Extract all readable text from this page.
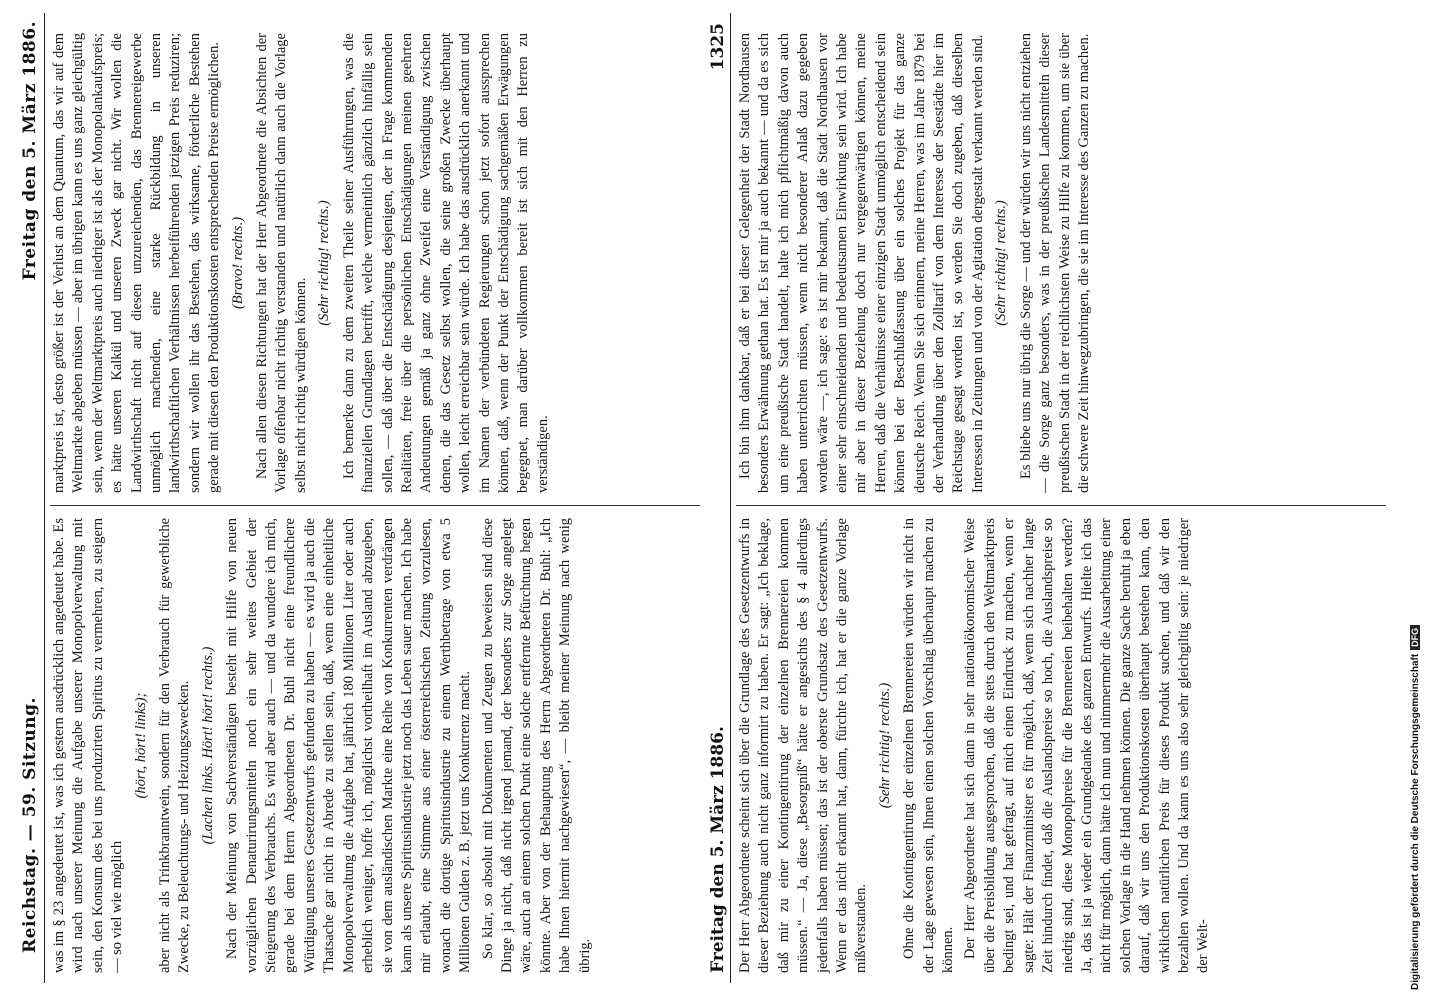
Reichstag. — 59. Sitzung.
Freitag den 5. März 1886.

was im § 23 angedeutet ist, was ich gestern ausdrücklich angedeutet habe. Es wird nach unserer Meinung die Aufgabe unserer Monopolverwaltung mit sein, den Konsum des bei uns produzirten Spiritus zu vermehren, zu steigern — so viel wie möglich

(hört, hört! links); aber nicht als Trinkbranntwein, sondern für den Verbrauch für gewerbliche Zwecke, zu Beleuchtungs- und Heizungszwecken. (Lachen links. Hört! hört! rechts.) Nach der Meinung von Sachverständigen besteht mit Hilfe von neuen vorzüglichen Denaturirungsmitteln noch ein sehr weites Gebiet der Steigerung des Verbrauchs. Es wird aber auch — und da wundere ich mich, gerade bei dem Herrn Abgeordneten Dr. Buhl nicht eine freundlichere Würdigung unseres Gesetzentwurfs gefunden zu haben — es wird ja auch die Thatsache gar nicht in Abrede zu stellen sein, daß, wenn eine einheitliche Monopolverwaltung die Aufgabe hat, jährlich 180 Millionen Liter oder auch erheblich weniger, hoffe ich, möglichst vortheilhaft im Ausland abzugeben, sie von dem ausländischen Markte eine Reihe von Konkurrenten verdrängen kann als unsere Spiritusindustrie jetzt noch das Leben sauer machen. Ich habe mir erlaubt, eine Stimme aus einer österreichischen Zeitung vorzulesen, wonach die dortige Spiritusindustrie zu einem Werthbetrage von etwa 5 Millionen Gulden z. B. jetzt uns Konkurrenz macht. So klar, so absolut mit Dokumenten und Zeugen zu beweisen sind diese Dinge ja nicht, daß nicht irgend jemand, der besonders zur Sorge angelegt wäre, auch an einem solchen Punkt eine solche entfernte Befürchtung hegen könnte. Aber von der Behauptung des Herrn Abgeordneten Dr. Buhl: „Ich habe Ihnen hiermit nachgewiesen“, — bleibt meiner Meinung nach wenig übrig.

marktpreis ist, desto größer ist der Verlust an dem Quantum, das wir auf dem Weltmarkte abgeben müssen — aber im übrigen kann es uns ganz gleichgültig sein, wenn der Weltmarktpreis auch niedriger ist als der Monopolankaufspreis; es hätte unseren Kalkül und unseren Zweck gar nicht. Wir wollen die Landwirthschaft nicht auf diesen unzureichenden, das Brennereigewerbe unmöglich machenden, eine starke Rückbildung in unseren landwirthschaftlichen Verhältnissen herbeiführenden jetzigen Preis reduziren; sondern wir wollen ihr das Bestehen, das wirksame, förderliche Bestehen gerade mit diesen den Produktionskosten entsprechenden Preise ermöglichen. (Bravo! rechts.) Nach allen diesen Richtungen hat der Herr Abgeordnete die Absichten der Vorlage offenbar nicht richtig verstanden und natürlich dann auch die Vorlage selbst nicht richtig würdigen können.

(Sehr richtig! rechts.) Ich bemerke dann zu dem zweiten Theile seiner Ausführungen, was die finanziellen Grundlagen betrifft, welche vermeintlich gänzlich hinfällig sein sollen, — daß über die Entschädigung desjenigen, der in Frage kommenden Realitäten, freie über die persönlichen Entschädigungen meinen geehrten Andeutungen gemäß ja ganz ohne Zweifel eine Verständigung zwischen denen, die das Gesetz selbst wollen, die seine großen Zwecke überhaupt wollen, leicht erreichbar sein würde. Ich habe das ausdrücklich anerkannt und im Namen der verbündeten Regierungen schon jetzt sofort aussprechen können, daß, wenn der Punkt der Entschädigung sachgemäßen Erwägungen begegnet, man darüber vollkommen bereit ist sich mit den Herren zu verständigen.

Freitag den 5. März 1886.
1325

Der Herr Abgeordnete scheint sich über die Grundlage des Gesetzentwurfs in dieser Beziehung auch nicht ganz informirt zu haben. Er sagt: „Ich beklage, daß mir zu einer Kontingentirung der einzelnen Brennereien kommen müssen.“ — Ja, diese „Besorgniß“ hätte er angesichts des § 4 allerdings jedenfalls haben müssen; das ist der oberste Grundsatz des Gesetzentwurfs. Wenn er das nicht erkannt hat, dann, fürchte ich, hat er die ganze Vorlage mißverstanden.

(Sehr richtig! rechts.) Ohne die Kontingentirung der einzelnen Brennereien würden wir nicht in der Lage gewesen sein, Ihnen einen solchen Vorschlag überhaupt machen zu können. Der Herr Abgeordnete hat sich dann in sehr nationalökonomischer Weise über die Preisbildung ausgesprochen, daß die stets durch den Weltmarktpreis bedingt sei, und hat gefragt, auf mich einen Eindruck zu machen, wenn er sagte: Hält der Finanzminister es für möglich, daß, wenn sich nachher lange Zeit hindurch findet, daß die Auslandspreise so hoch, die Auslandspreise so niedrig sind, diese Monopolpreise für die Brennereien beibehalten werden? Ja, das ist ja wieder ein Grundgedanke des ganzen Entwurfs. Hielte ich das nicht für möglich, dann hätte ich nun und nimmermehr die Ausarbeitung einer solchen Vorlage in die Hand nehmen können. Die ganze Sache beruht ja eben darauf, daß wir uns den Produktionskosten überhaupt bestehen kann, den wirklichen natürlichen Preis für dieses Produkt suchen, und daß wir den bezahlen wollen. Und da kann es uns also sehr gleichgiltig sein: je niedriger der Welt-

Ich bin ihm dankbar, daß er bei dieser Gelegenheit der Stadt Nordhausen besonders Erwähnung gethan hat. Es ist mir ja auch bekannt — und da es sich um eine preußische Stadt handelt, halte ich mich pflichtmäßig davon auch haben unterrichten müssen, wenn nicht besonderer Anlaß dazu gegeben worden wäre —, ich sage: es ist mir bekannt, daß die Stadt Nordhausen vor einer sehr einschneidenden und bedeutsamen Einwirkung sein wird. Ich habe mir aber in dieser Beziehung doch nur vergegenwärtigen können, meine Herren, daß die Verhältnisse einer einzigen Stadt unmöglich entscheidend sein können bei der Beschlußfassung über ein solches Projekt für das ganze deutsche Reich. Wenn Sie sich erinnern, meine Herren, was im Jahre 1879 bei der Verhandlung über den Zolltarif von dem Interesse der Seestädte hier im Reichstage gesagt worden ist, so werden Sie doch zugeben, daß dieselben Interessen in Zeitungen und von der Agitation dergestalt verkannt werden sind. (Sehr richtig! rechts.) Es bliebe uns nur übrig die Sorge — und der würden wir uns nicht entziehen — die Sorge ganz besonders, was in der preußischen Landesmitteln dieser preußischen Stadt in der reichlichsten Weise zu Hilfe zu kommen, um sie über die schwere Zeit hinwegzubringen, die sie im Interesse des Ganzen zu machen.

Digitalisierung gefördert durch die Deutsche ForschungsgemeinschaftDFG
